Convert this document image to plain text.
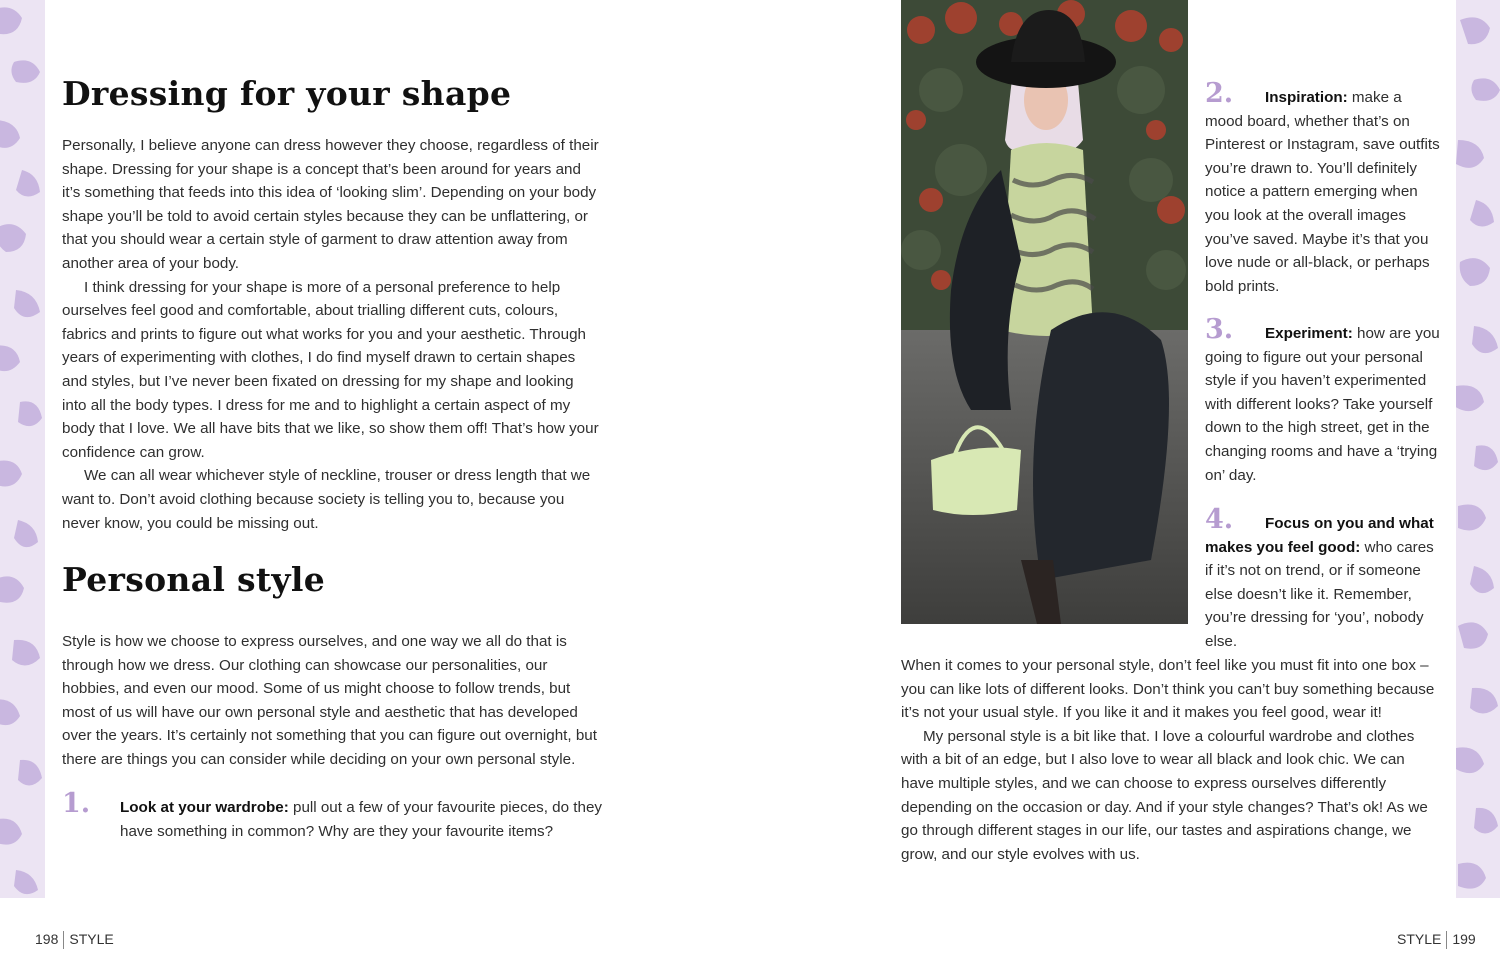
Dressing for your shape

Personally, I believe anyone can dress however they choose, regardless of their shape. Dressing for your shape is a concept that’s been around for years and it’s something that feeds into this idea of ‘looking slim’. Depending on your body shape you’ll be told to avoid certain styles because they can be unflattering, or that you should wear a certain style of garment to draw attention away from another area of your body.

I think dressing for your shape is more of a personal preference to help ourselves feel good and comfortable, about trialling different cuts, colours, fabrics and prints to figure out what works for you and your aesthetic. Through years of experimenting with clothes, I do find myself drawn to certain shapes and styles, but I’ve never been fixated on dressing for my shape and looking into all the body types. I dress for me and to highlight a certain aspect of my body that I love. We all have bits that we like, so show them off! That’s how your confidence can grow.

We can all wear whichever style of neckline, trouser or dress length that we want to. Don’t avoid clothing because society is telling you to, because you never know, you could be missing out.

Personal style

Style is how we choose to express ourselves, and one way we all do that is through how we dress. Our clothing can showcase our personalities, our hobbies, and even our mood. Some of us might choose to follow trends, but most of us will have our own personal style and aesthetic that has developed over the years. It’s certainly not something that you can figure out overnight, but there are things you can consider while deciding on your own personal style.

1.	Look at your wardrobe: pull out a few of your favourite pieces, do they have something in common? Why are they your favourite items?
198 STYLE
2.	Inspiration: make a mood board, whether that’s on Pinterest or Instagram, save outfits you’re drawn to. You’ll definitely notice a pattern emerging when you look at the overall images you’ve saved. Maybe it’s that you love nude or all-black, or perhaps bold prints.
3.	Experiment: how are you going to figure out your personal style if you haven’t experimented with different looks? Take yourself down to the high street, get in the changing rooms and have a ‘trying on’ day.
4.	Focus on you and what makes you feel good: who cares if it’s not on trend, or if someone else doesn’t like it. Remember, you’re dressing for ‘you’, nobody else.

When it comes to your personal style, don’t feel like you must fit into one box – you can like lots of different looks. Don’t think you can’t buy something because it’s not your usual style. If you like it and it makes you feel good, wear it!

My personal style is a bit like that. I love a colourful wardrobe and clothes with a bit of an edge, but I also love to wear all black and look chic. We can have multiple styles, and we can choose to express ourselves differently depending on the occasion or day. And if your style changes? That’s ok! As we go through different stages in our life, our tastes and aspirations change, we grow, and our style evolves with us.

STYLE 199
